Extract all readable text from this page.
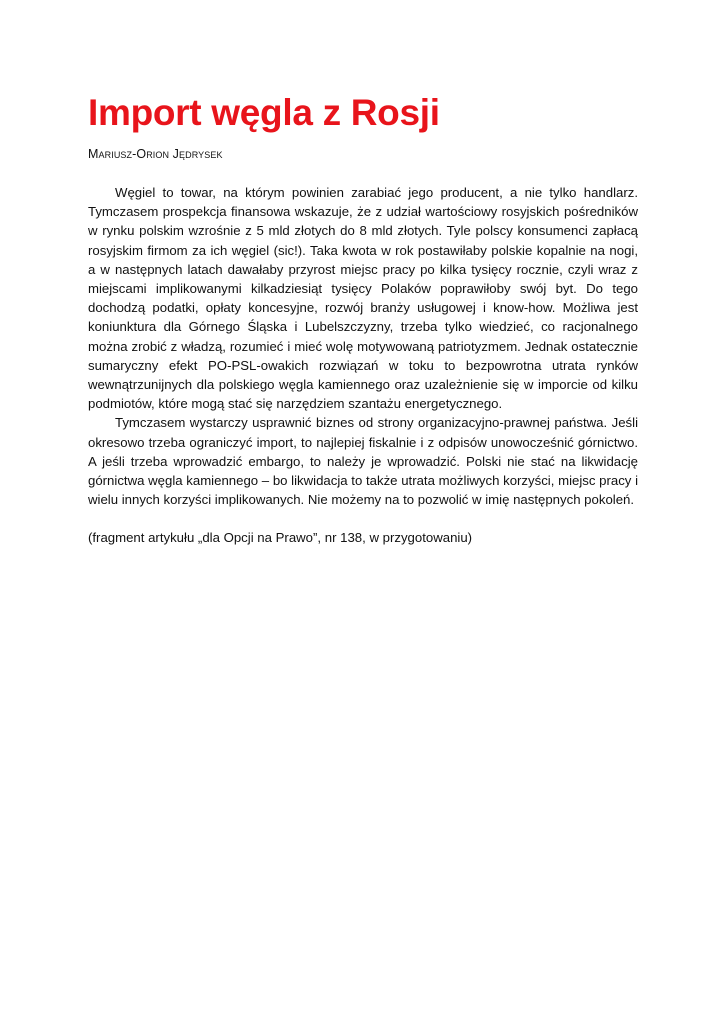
Import węgla z Rosji
Mariusz-Orion Jędrysek

Węgiel to towar, na którym powinien zarabiać jego producent, a nie tylko handlarz. Tymczasem prospekcja finansowa wskazuje, że z udział wartościowy rosyjskich pośredników w rynku polskim wzrośnie z 5 mld złotych do 8 mld złotych. Tyle polscy konsumenci zapłacą rosyjskim firmom za ich węgiel (sic!). Taka kwota w rok postawiłaby polskie kopalnie na nogi, a w następnych latach dawałaby przyrost miejsc pracy po kilka tysięcy rocznie, czyli wraz z miejscami implikowanymi kilkadziesiąt tysięcy Polaków poprawiłoby swój byt. Do tego dochodzą podatki, opłaty koncesyjne, rozwój branży usługowej i know-how. Możliwa jest koniunktura dla Górnego Śląska i Lubelszczyzny, trzeba tylko wiedzieć, co racjonalnego można zrobić z władzą, rozumieć i mieć wolę motywowaną patriotyzmem. Jednak ostatecznie sumaryczny efekt PO-PSL-owakich rozwiązań w toku to bezpowrotna utrata rynków wewnątrzunijnych dla polskiego węgla kamiennego oraz uzależnienie się w imporcie od kilku podmiotów, które mogą stać się narzędziem szantażu energetycznego.

Tymczasem wystarczy usprawnić biznes od strony organizacyjno-prawnej państwa. Jeśli okresowo trzeba ograniczyć import, to najlepiej fiskalnie i z odpisów unowocześnić górnictwo. A jeśli trzeba wprowadzić embargo, to należy je wprowadzić. Polski nie stać na likwidację górnictwa węgla kamiennego – bo likwidacja to także utrata możliwych korzyści, miejsc pracy i wielu innych korzyści implikowanych. Nie możemy na to pozwolić w imię następnych pokoleń.

(fragment artykułu „dla Opcji na Prawo”, nr 138, w przygotowaniu)
